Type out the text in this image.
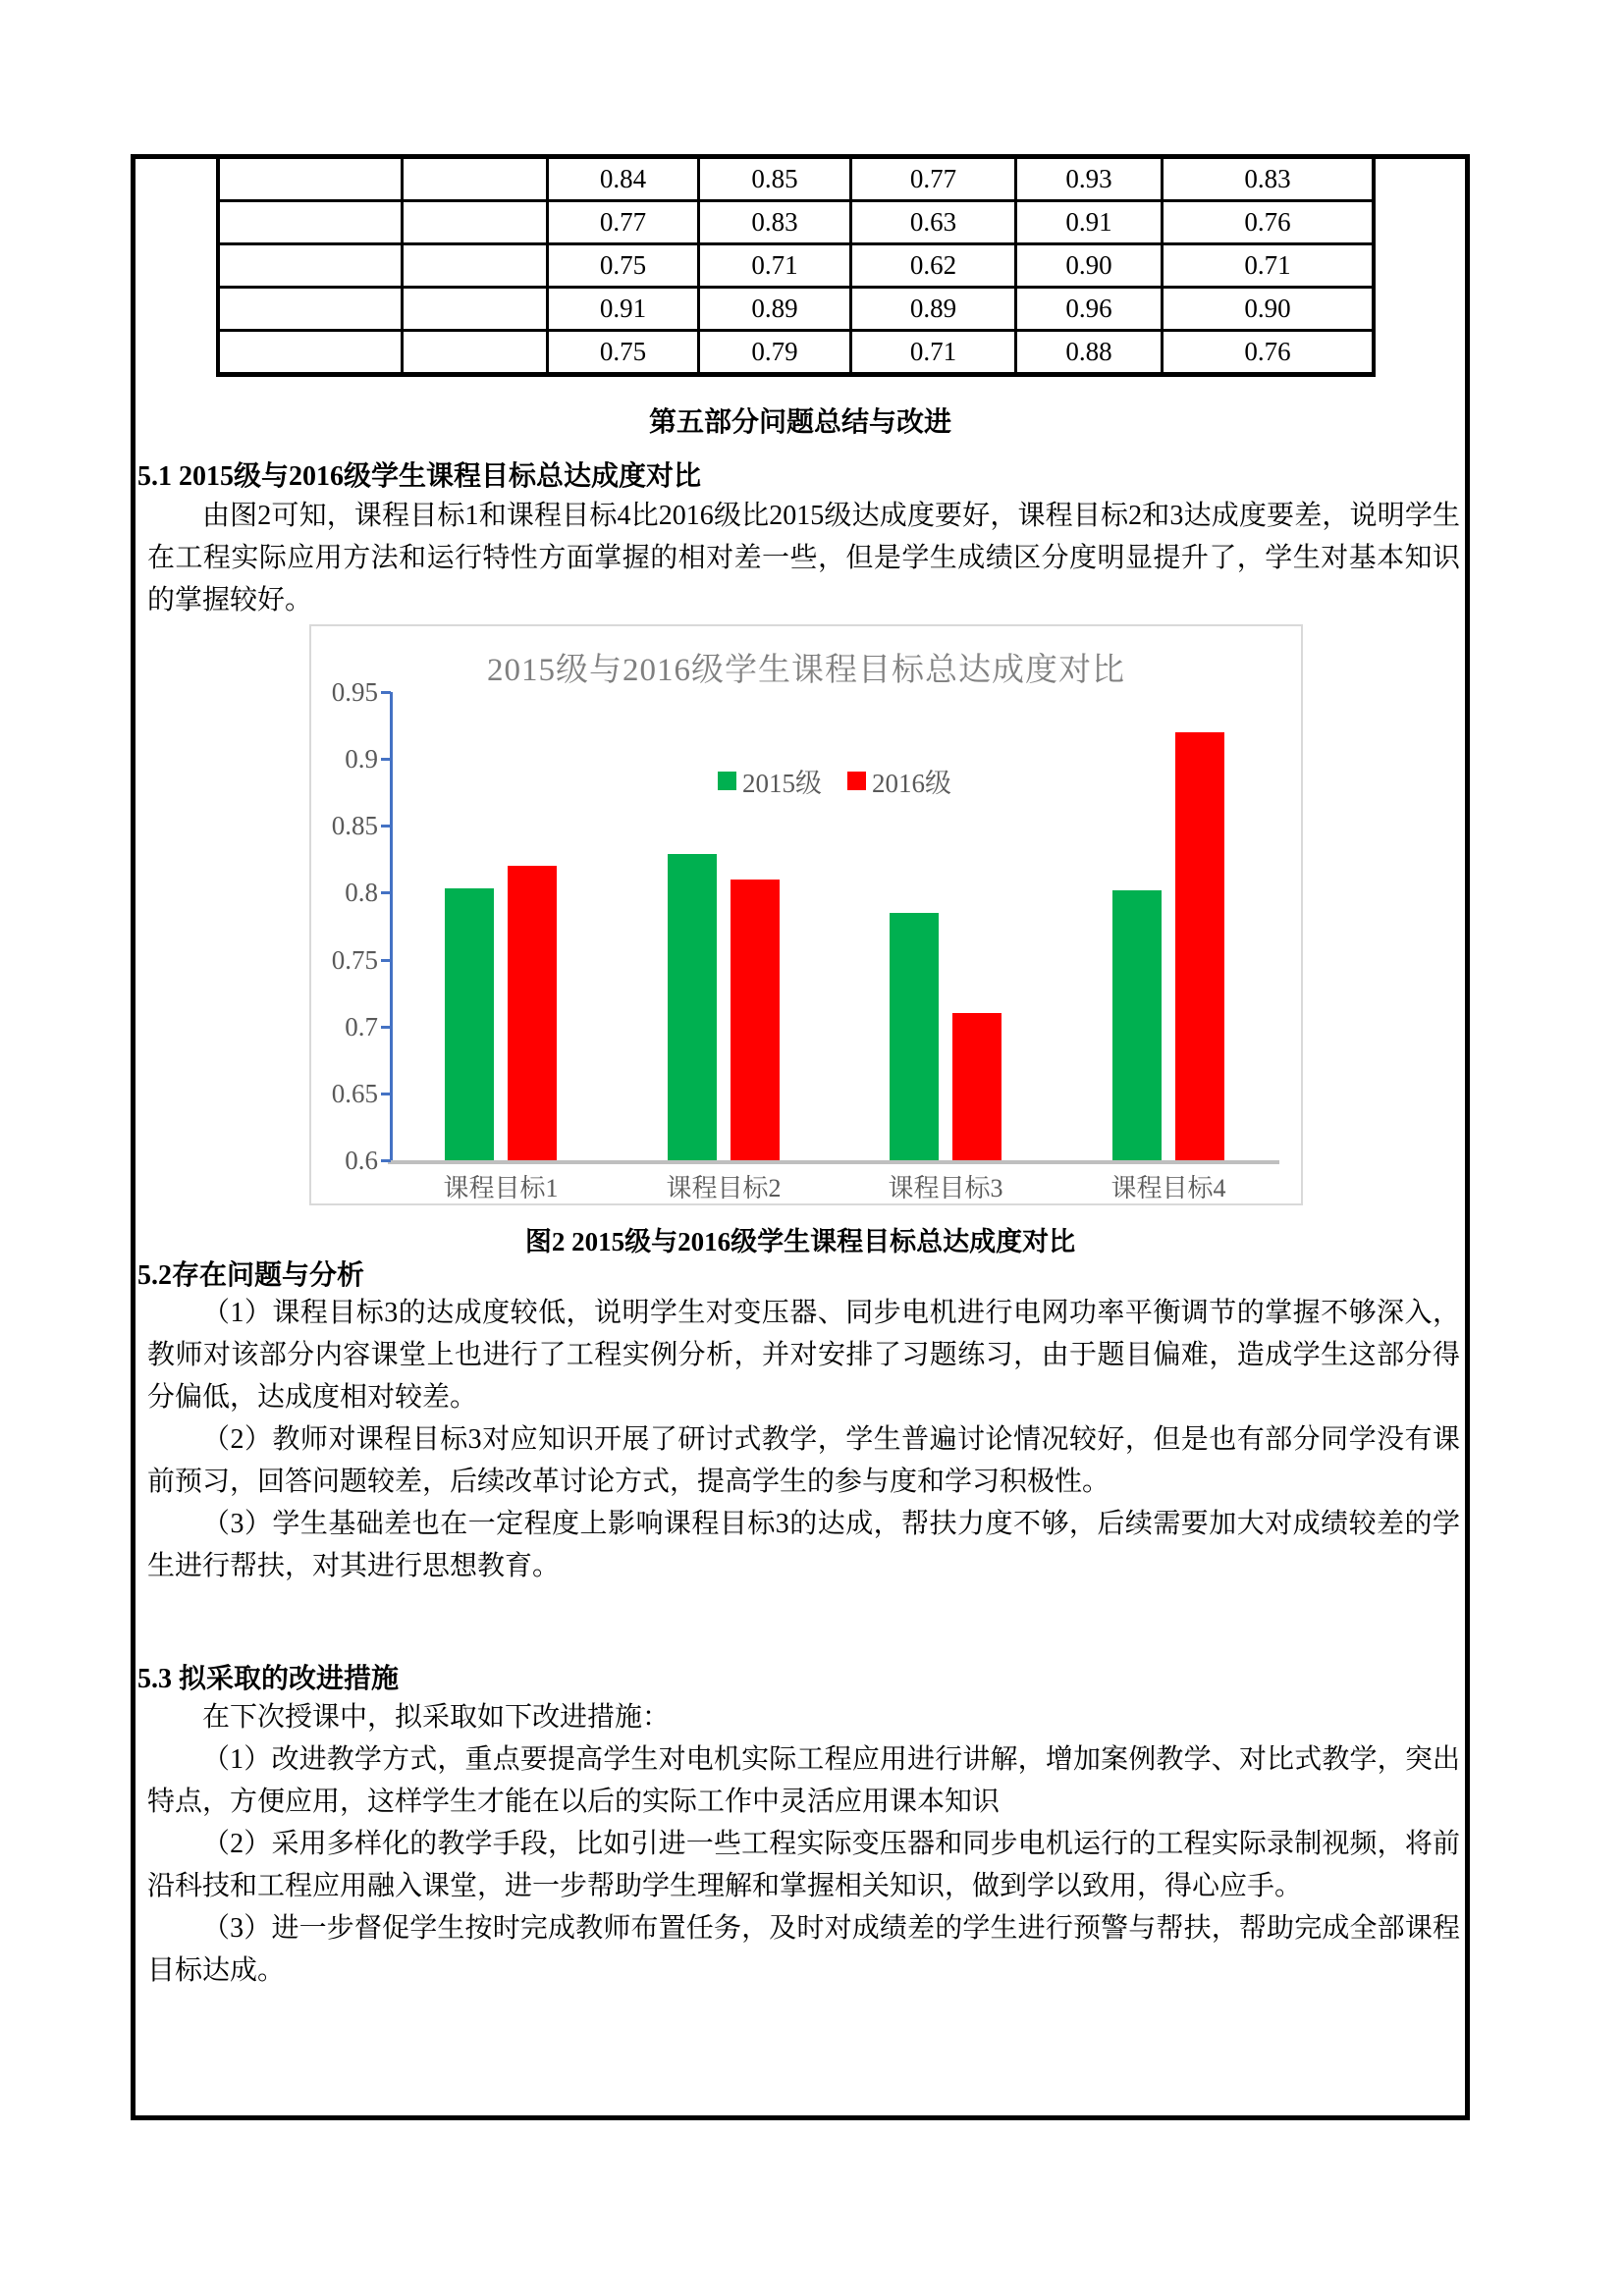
		0.84	0.85	0.77	0.93	0.83
		0.77	0.83	0.63	0.91	0.76
		0.75	0.71	0.62	0.90	0.71
		0.91	0.89	0.89	0.96	0.90
		0.75	0.79	0.71	0.88	0.76
第五部分问题总结与改进
5.1 2015级与2016级学生课程目标总达成度对比

由图2可知，课程目标1和课程目标4比2016级比2015级达成度要好，课程目标2和3达成度要差，说明学生在工程实际应用方法和运行特性方面掌握的相对差一些，但是学生成绩区分度明显提升了，学生对基本知识的掌握较好。

2015级与2016级学生课程目标总达成度对比
2015级 2016级
0.95
0.9
0.85
0.8
0.75
0.7
0.65
0.6
课程目标1	课程目标2	课程目标3	课程目标4
图2 2015级与2016级学生课程目标总达成度对比
5.2存在问题与分析

（1）课程目标3的达成度较低，说明学生对变压器、同步电机进行电网功率平衡调节的掌握不够深入，教师对该部分内容课堂上也进行了工程实例分析，并对安排了习题练习，由于题目偏难，造成学生这部分得分偏低，达成度相对较差。

（2）教师对课程目标3对应知识开展了研讨式教学，学生普遍讨论情况较好，但是也有部分同学没有课前预习，回答问题较差，后续改革讨论方式，提高学生的参与度和学习积极性。

（3）学生基础差也在一定程度上影响课程目标3的达成，帮扶力度不够，后续需要加大对成绩较差的学生进行帮扶，对其进行思想教育。

5.3 拟采取的改进措施

在下次授课中，拟采取如下改进措施：

（1）改进教学方式，重点要提高学生对电机实际工程应用进行讲解，增加案例教学、对比式教学，突出特点，方便应用，这样学生才能在以后的实际工作中灵活应用课本知识

（2）采用多样化的教学手段，比如引进一些工程实际变压器和同步电机运行的工程实际录制视频，将前沿科技和工程应用融入课堂，进一步帮助学生理解和掌握相关知识，做到学以致用，得心应手。

（3）进一步督促学生按时完成教师布置任务，及时对成绩差的学生进行预警与帮扶，帮助完成全部课程目标达成。
